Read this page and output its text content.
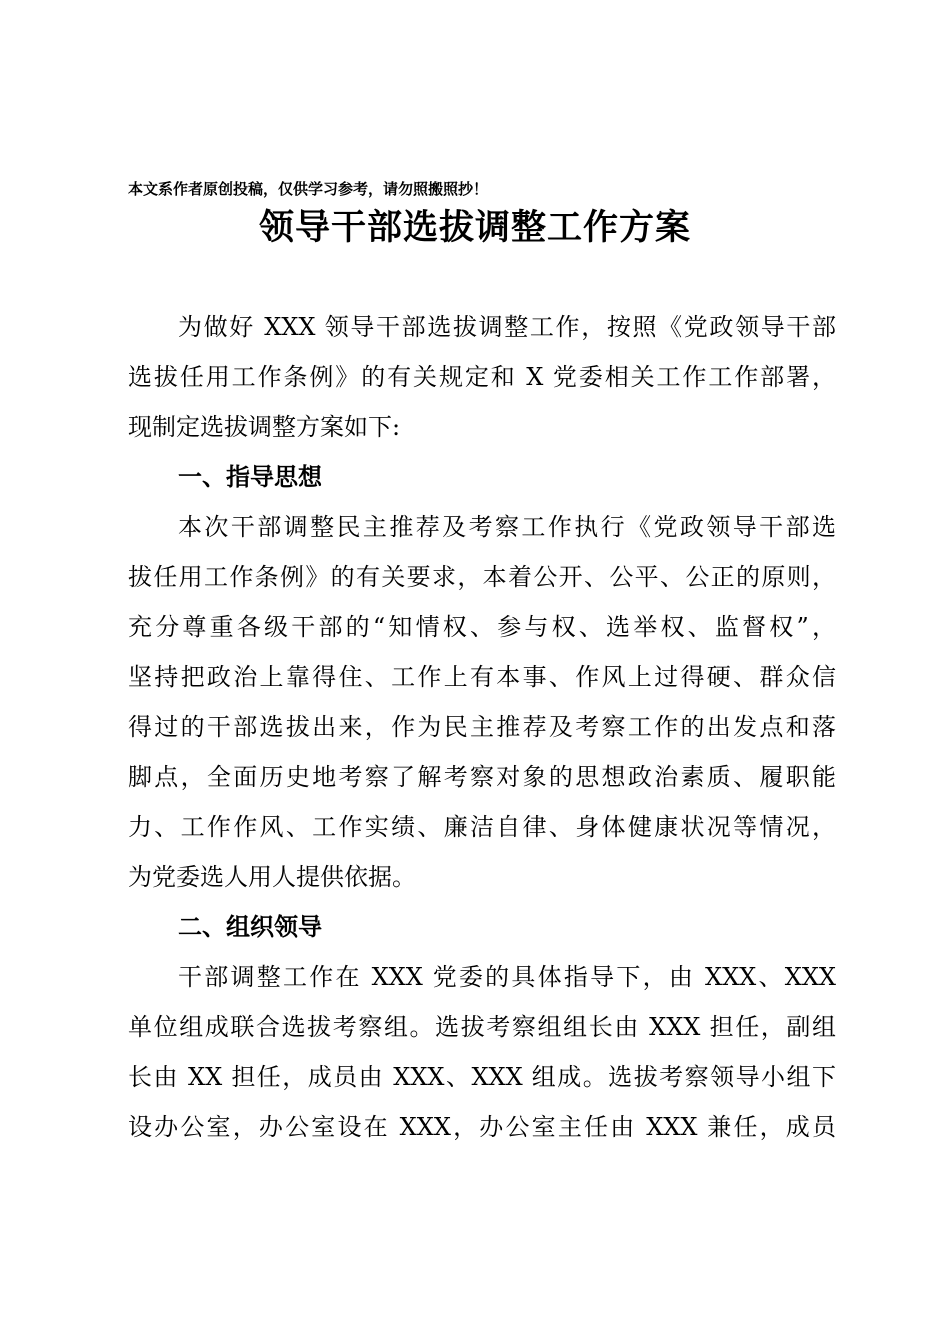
本文系作者原创投稿，仅供学习参考，请勿照搬照抄！
领导干部选拔调整工作方案
为做好 XXX 领导干部选拔调整工作，按照《党政领导干部
选拔任用工作条例》的有关规定和 X 党委相关工作工作部署，
现制定选拔调整方案如下:
一、指导思想
本次干部调整民主推荐及考察工作执行《党政领导干部选
拔任用工作条例》的有关要求，本着公开、公平、公正的原则，
充分尊重各级干部的“知情权、参与权、选举权、监督权”，
坚持把政治上靠得住、工作上有本事、作风上过得硬、群众信
得过的干部选拔出来，作为民主推荐及考察工作的出发点和落
脚点，全面历史地考察了解考察对象的思想政治素质、履职能
力、工作作风、工作实绩、廉洁自律、身体健康状况等情况，
为党委选人用人提供依据。
二、组织领导
干部调整工作在 XXX 党委的具体指导下，由 XXX、XXX
单位组成联合选拔考察组。选拔考察组组长由 XXX 担任，副组
长由 XX 担任，成员由 XXX、XXX 组成。选拔考察领导小组下
设办公室，办公室设在 XXX，办公室主任由 XXX 兼任，成员
